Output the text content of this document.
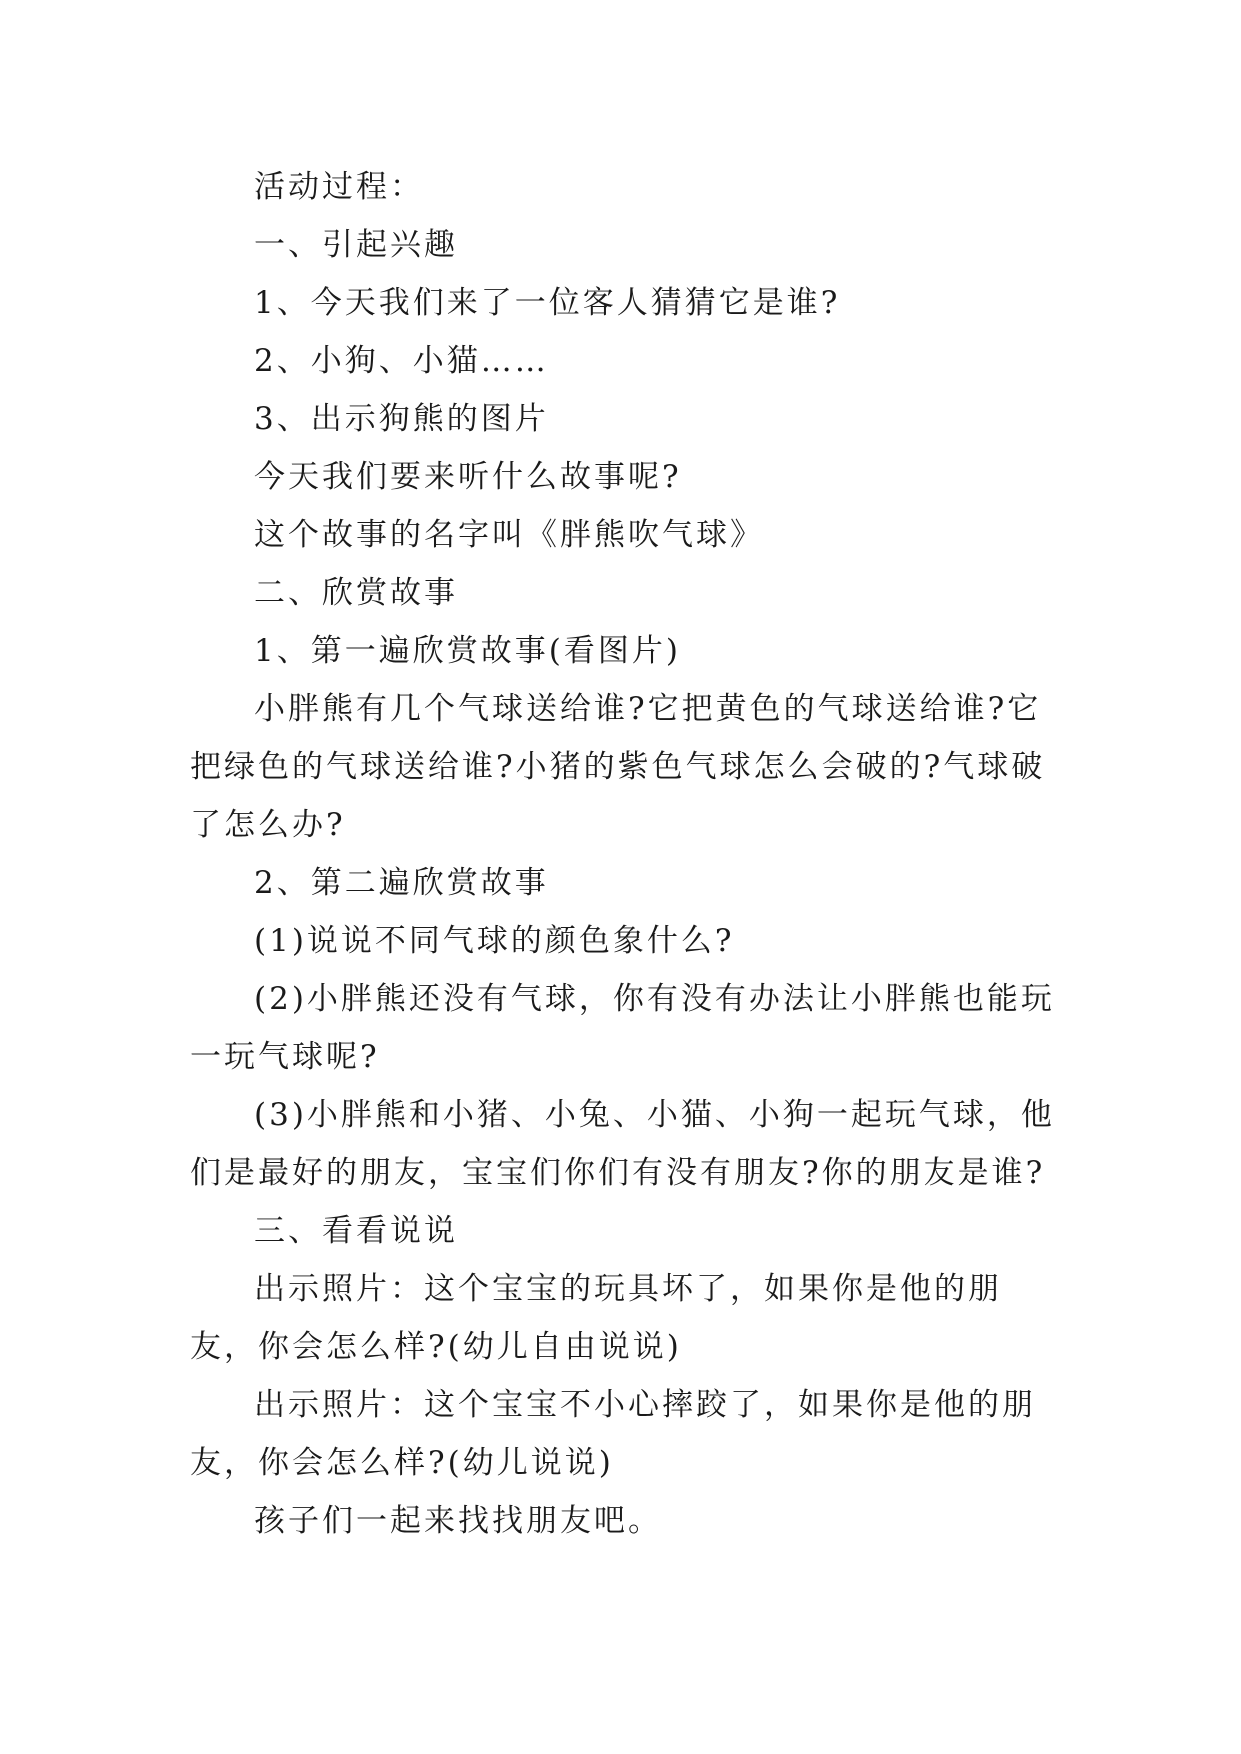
活动过程：

一、引起兴趣

1、今天我们来了一位客人猜猜它是谁?

2、小狗、小猫……

3、出示狗熊的图片

今天我们要来听什么故事呢?

这个故事的名字叫《胖熊吹气球》

二、欣赏故事

1、第一遍欣赏故事(看图片)

小胖熊有几个气球送给谁?它把黄色的气球送给谁?它把绿色的气球送给谁?小猪的紫色气球怎么会破的?气球破了怎么办?

2、第二遍欣赏故事

(1)说说不同气球的颜色象什么?

(2)小胖熊还没有气球，你有没有办法让小胖熊也能玩一玩气球呢?

(3)小胖熊和小猪、小兔、小猫、小狗一起玩气球，他们是最好的朋友，宝宝们你们有没有朋友?你的朋友是谁?

三、看看说说

出示照片：这个宝宝的玩具坏了，如果你是他的朋友，你会怎么样?(幼儿自由说说)

出示照片：这个宝宝不小心摔跤了，如果你是他的朋友，你会怎么样?(幼儿说说)

孩子们一起来找找朋友吧。
